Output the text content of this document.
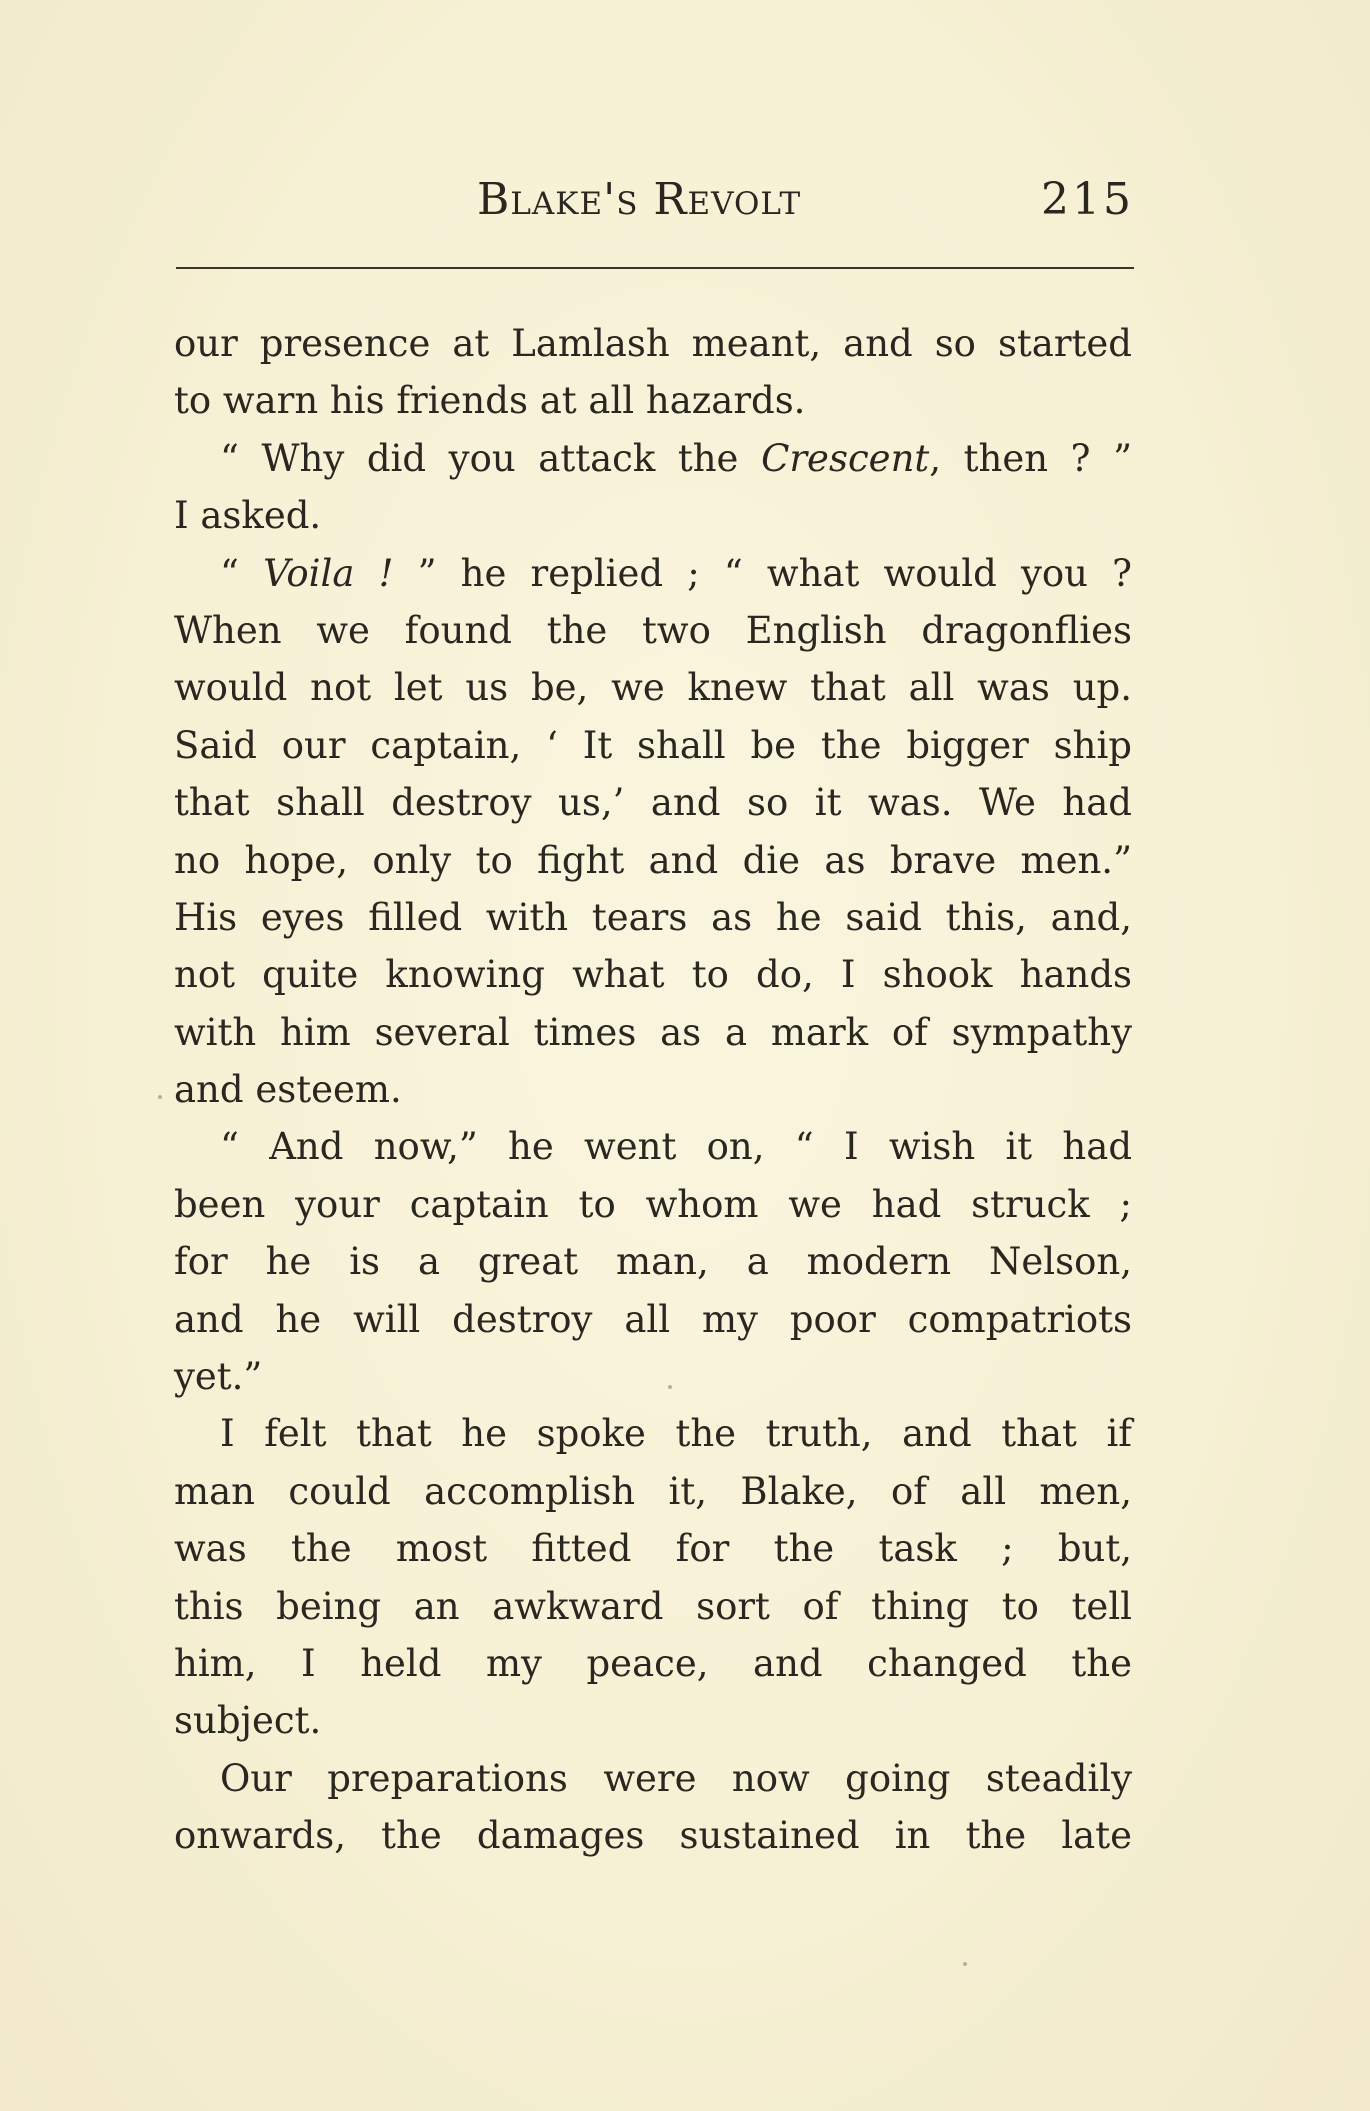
Blake's Revolt	215
our presence at Lamlash meant, and so started
to warn his friends at all hazards.
“ Why did you attack the Crescent, then ? ”
I asked.
“ Voila ! ” he replied ; “ what would you ?
When we found the two English dragonflies
would not let us be, we knew that all was up.
Said our captain, ‘ It shall be the bigger ship
that shall destroy us,’ and so it was. We had
no hope, only to fight and die as brave men.”
His eyes filled with tears as he said this, and,
not quite knowing what to do, I shook hands
with him several times as a mark of sympathy
and esteem.
“ And now,” he went on, “ I wish it had
been your captain to whom we had struck ;
for he is a great man, a modern Nelson,
and he will destroy all my poor compatriots
yet.”
I felt that he spoke the truth, and that if
man could accomplish it, Blake, of all men,
was the most fitted for the task ; but,
this being an awkward sort of thing to tell
him, I held my peace, and changed the
subject.
Our preparations were now going steadily
onwards, the damages sustained in the late
